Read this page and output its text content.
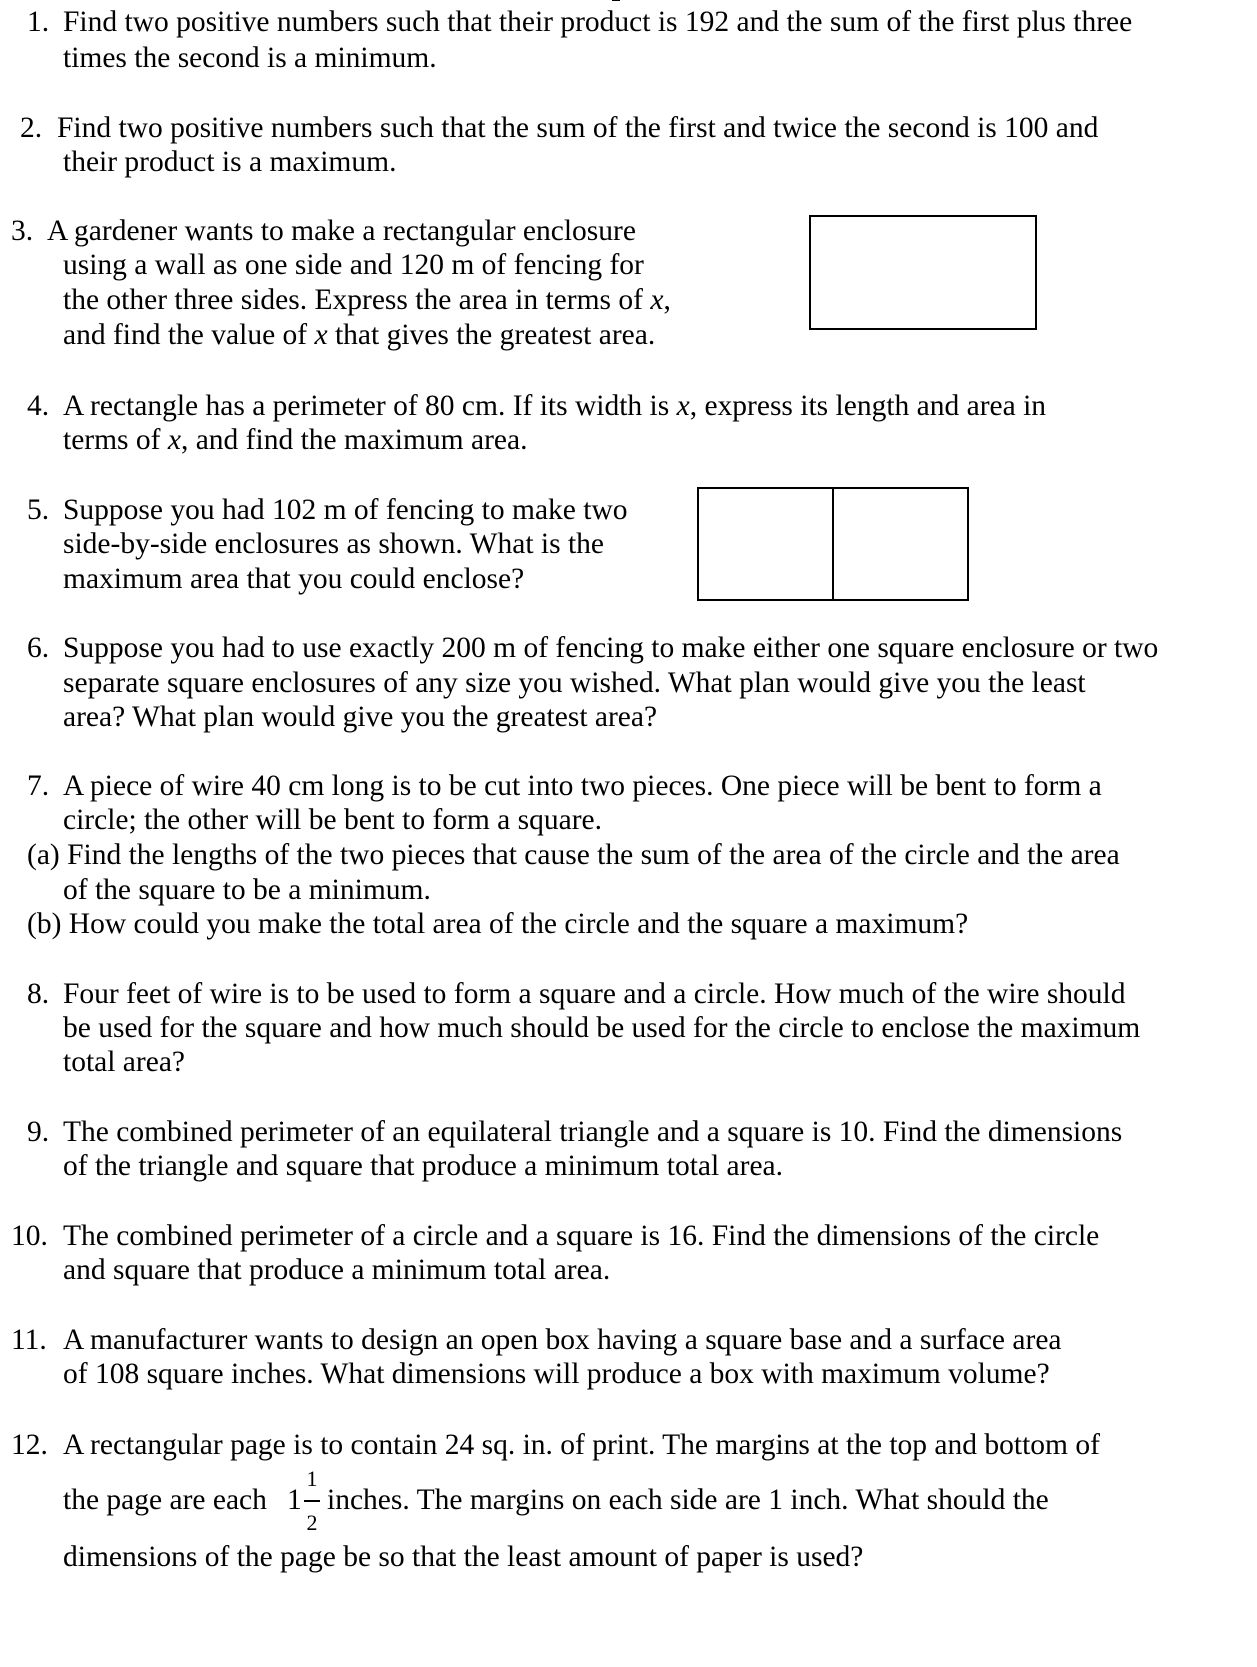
1. Find two positive numbers such that their product is 192 and the sum of the first plus three
times the second is a minimum.
2. Find two positive numbers such that the sum of the first and twice the second is 100 and
their product is a maximum.
3. A gardener wants to make a rectangular enclosure
using a wall as one side and 120 m of fencing for
the other three sides. Express the area in terms of x,
and find the value of x that gives the greatest area.
4. A rectangle has a perimeter of 80 cm. If its width is x, express its length and area in
terms of x, and find the maximum area.
5. Suppose you had 102 m of fencing to make two
side-by-side enclosures as shown. What is the
maximum area that you could enclose?
6. Suppose you had to use exactly 200 m of fencing to make either one square enclosure or two
separate square enclosures of any size you wished. What plan would give you the least
area? What plan would give you the greatest area?
7. A piece of wire 40 cm long is to be cut into two pieces. One piece will be bent to form a
circle; the other will be bent to form a square.
(a) Find the lengths of the two pieces that cause the sum of the area of the circle and the area
of the square to be a minimum.
(b) How could you make the total area of the circle and the square a maximum?
8. Four feet of wire is to be used to form a square and a circle. How much of the wire should
be used for the square and how much should be used for the circle to enclose the maximum
total area?
9. The combined perimeter of an equilateral triangle and a square is 10. Find the dimensions
of the triangle and square that produce a minimum total area.
10. The combined perimeter of a circle and a square is 16. Find the dimensions of the circle
and square that produce a minimum total area.
11. A manufacturer wants to design an open box having a square base and a surface area
of 108 square inches. What dimensions will produce a box with maximum volume?
12. A rectangular page is to contain 24 sq. in. of print. The margins at the top and bottom of
the page are each 1
1
2
inches. The margins on each side are 1 inch. What should the
dimensions of the page be so that the least amount of paper is used?
